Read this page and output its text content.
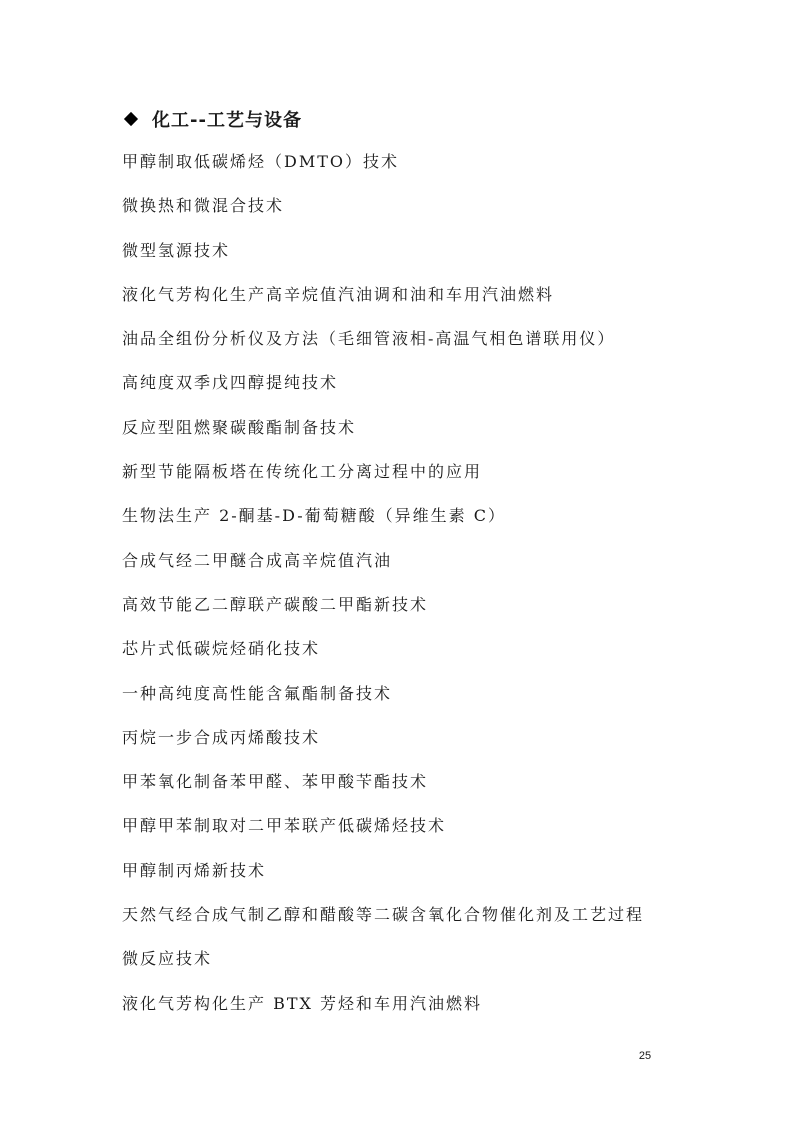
化工--工艺与设备
甲醇制取低碳烯烃（DMTO）技术
微换热和微混合技术
微型氢源技术
液化气芳构化生产高辛烷值汽油调和油和车用汽油燃料
油品全组份分析仪及方法（毛细管液相-高温气相色谱联用仪）
高纯度双季戊四醇提纯技术
反应型阻燃聚碳酸酯制备技术
新型节能隔板塔在传统化工分离过程中的应用
生物法生产 2-酮基-D-葡萄糖酸（异维生素 C）
合成气经二甲醚合成高辛烷值汽油
高效节能乙二醇联产碳酸二甲酯新技术
芯片式低碳烷烃硝化技术
一种高纯度高性能含氟酯制备技术
丙烷一步合成丙烯酸技术
甲苯氧化制备苯甲醛、苯甲酸苄酯技术
甲醇甲苯制取对二甲苯联产低碳烯烃技术
甲醇制丙烯新技术
天然气经合成气制乙醇和醋酸等二碳含氧化合物催化剂及工艺过程
微反应技术
液化气芳构化生产 BTX 芳烃和车用汽油燃料
25
